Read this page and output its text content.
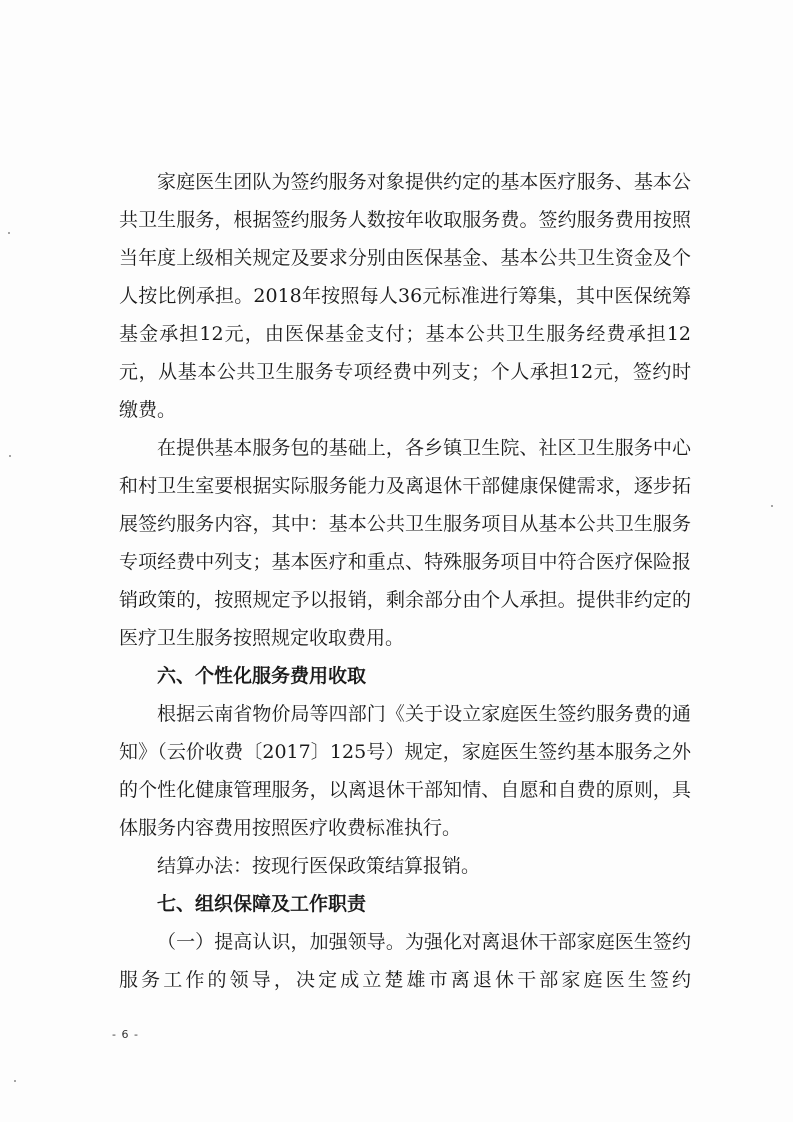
家庭医生团队为签约服务对象提供约定的基本医疗服务、基本公共卫生服务，根据签约服务人数按年收取服务费。签约服务费用按照当年度上级相关规定及要求分别由医保基金、基本公共卫生资金及个人按比例承担。2018年按照每人36元标准进行筹集，其中医保统筹基金承担12元，由医保基金支付；基本公共卫生服务经费承担12元，从基本公共卫生服务专项经费中列支；个人承担12元，签约时缴费。

在提供基本服务包的基础上，各乡镇卫生院、社区卫生服务中心和村卫生室要根据实际服务能力及离退休干部健康保健需求，逐步拓展签约服务内容，其中：基本公共卫生服务项目从基本公共卫生服务专项经费中列支；基本医疗和重点、特殊服务项目中符合医疗保险报销政策的，按照规定予以报销，剩余部分由个人承担。提供非约定的医疗卫生服务按照规定收取费用。

六、个性化服务费用收取

根据云南省物价局等四部门《关于设立家庭医生签约服务费的通知》（云价收费〔2017〕125号）规定，家庭医生签约基本服务之外的个性化健康管理服务，以离退休干部知情、自愿和自费的原则，具体服务内容费用按照医疗收费标准执行。

结算办法：按现行医保政策结算报销。

七、组织保障及工作职责

（一）提高认识，加强领导。为强化对离退休干部家庭医生签约服务工作的领导，决定成立楚雄市离退休干部家庭医生签约

- 6 -
